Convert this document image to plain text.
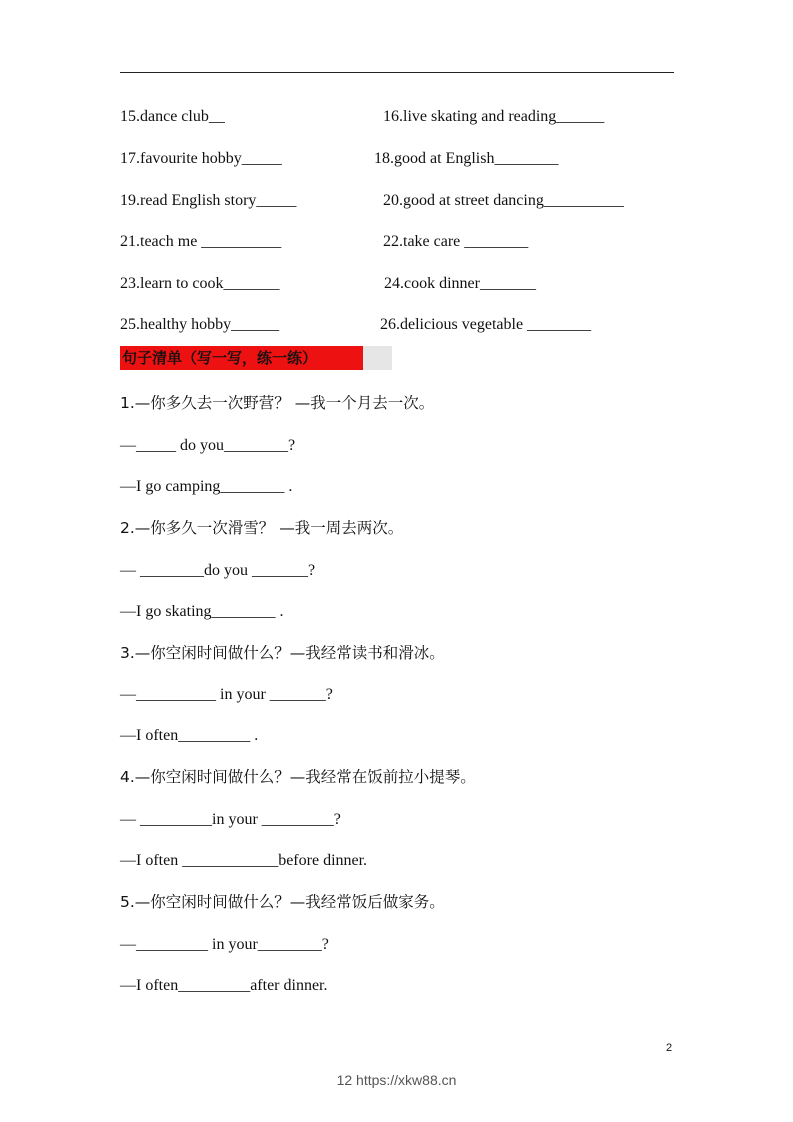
15.dance club__	16.live skating and reading______
17.favourite hobby_____	18.good at English________
19.read English story_____	20.good at street dancing__________
21.teach me __________	22.take care ________
23.learn to cook_______	24.cook dinner_______
25.healthy hobby______	26.delicious vegetable ________
句子清单（写一写，练一练）
1.—你多久去一次野营？ —我一个月去一次。
—_____ do you________?
—I go camping________ .
2.—你多久一次滑雪？ —我一周去两次。
— ________do you _______?
—I go skating________ .
3.—你空闲时间做什么？—我经常读书和滑冰。
—__________ in your _______?
—I often_________ .
4.—你空闲时间做什么？—我经常在饭前拉小提琴。
— _________in your _________?
—I often ____________before dinner.
5.—你空闲时间做什么？—我经常饭后做家务。
—_________ in your________?
—I often_________after dinner.
2
12 https://xkw88.cn
